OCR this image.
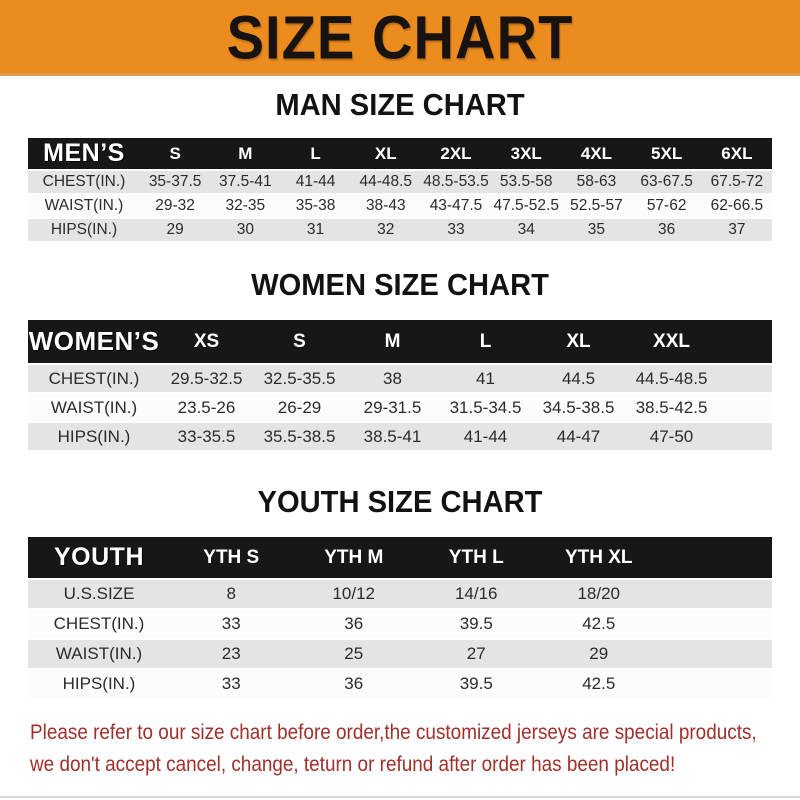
SIZE CHART
MAN SIZE CHART
MEN’S	S	M	L	XL	2XL	3XL	4XL	5XL	6XL
CHEST(IN.)	35-37.5	37.5-41	41-44	44-48.5	48.5-53.5	53.5-58	58-63	63-67.5	67.5-72
WAIST(IN.)	29-32	32-35	35-38	38-43	43-47.5	47.5-52.5	52.5-57	57-62	62-66.5
HIPS(IN.)	29	30	31	32	33	34	35	36	37
WOMEN SIZE CHART
WOMEN’S	XS	S	M	L	XL	XXL	
CHEST(IN.)	29.5-32.5	32.5-35.5	38	41	44.5	44.5-48.5	
WAIST(IN.)	23.5-26	26-29	29-31.5	31.5-34.5	34.5-38.5	38.5-42.5	
HIPS(IN.)	33-35.5	35.5-38.5	38.5-41	41-44	44-47	47-50	
YOUTH SIZE CHART
YOUTH	YTH S	YTH M	YTH L	YTH XL	
U.S.SIZE	8	10/12	14/16	18/20	
CHEST(IN.)	33	36	39.5	42.5	
WAIST(IN.)	23	25	27	29	
HIPS(IN.)	33	36	39.5	42.5	

Please refer to our size chart before order,the customized jerseys are special products,

we don't accept cancel, change, teturn or refund after order has been placed!
